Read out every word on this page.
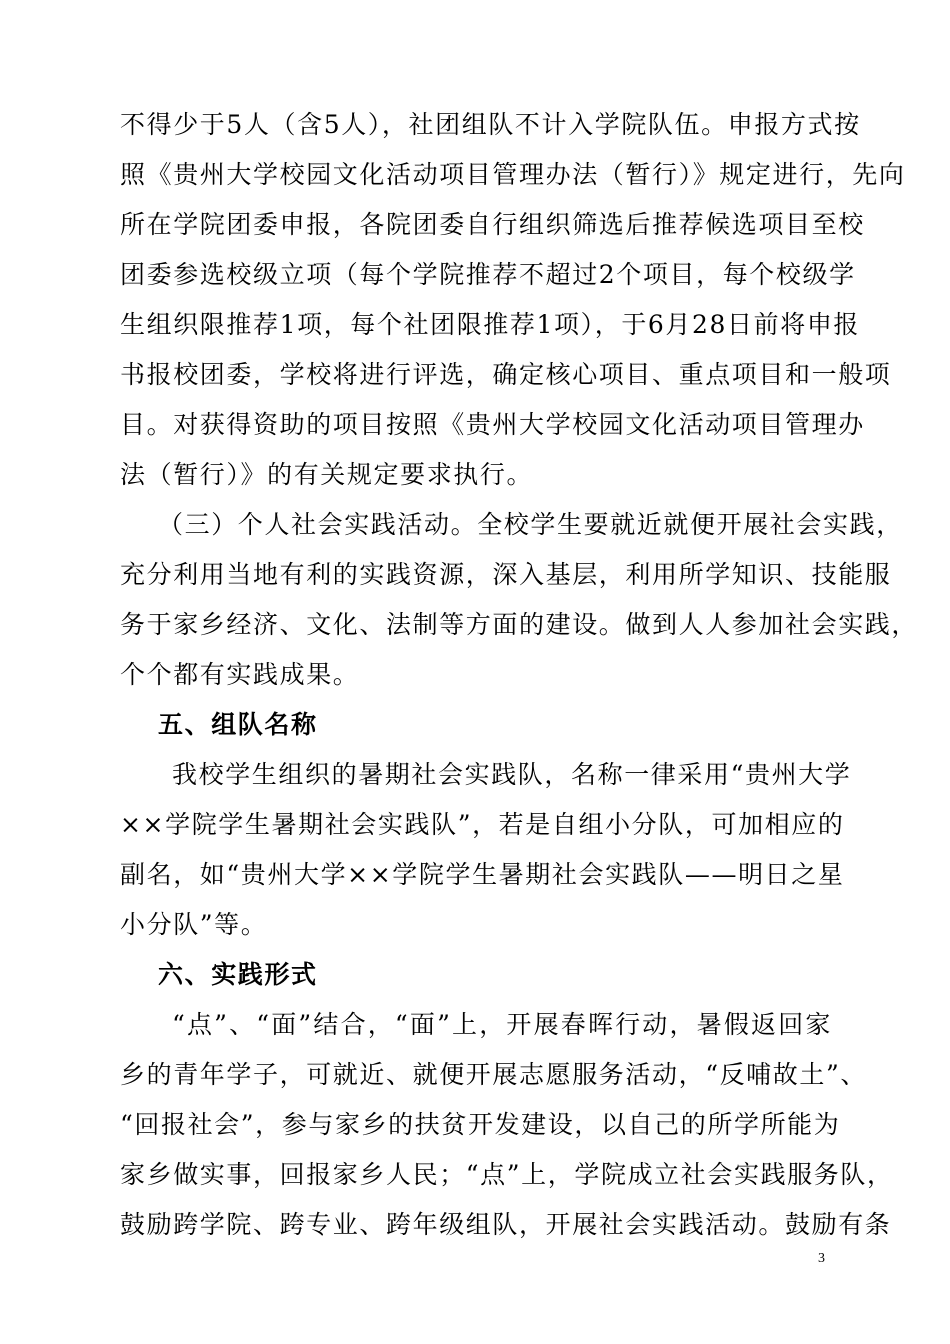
不得少于5人（含5人），社团组队不计入学院队伍。申报方式按
照《贵州大学校园文化活动项目管理办法（暂行）》规定进行，先向
所在学院团委申报，各院团委自行组织筛选后推荐候选项目至校
团委参选校级立项（每个学院推荐不超过2个项目，每个校级学
生组织限推荐1项，每个社团限推荐1项），于6月28日前将申报
书报校团委，学校将进行评选，确定核心项目、重点项目和一般项
目。对获得资助的项目按照《贵州大学校园文化活动项目管理办
法（暂行）》的有关规定要求执行。
（三）个人社会实践活动。全校学生要就近就便开展社会实践，
充分利用当地有利的实践资源，深入基层，利用所学知识、技能服
务于家乡经济、文化、法制等方面的建设。做到人人参加社会实践，
个个都有实践成果。
五、组队名称
我校学生组织的暑期社会实践队，名称一律采用“贵州大学
××学院学生暑期社会实践队”，若是自组小分队，可加相应的
副名，如“贵州大学××学院学生暑期社会实践队——明日之星
小分队”等。
六、实践形式
“点”、“面”结合，“面”上，开展春晖行动，暑假返回家
乡的青年学子，可就近、就便开展志愿服务活动，“反哺故土”、
“回报社会”，参与家乡的扶贫开发建设，以自己的所学所能为
家乡做实事，回报家乡人民；“点”上，学院成立社会实践服务队，
鼓励跨学院、跨专业、跨年级组队，开展社会实践活动。鼓励有条
3
